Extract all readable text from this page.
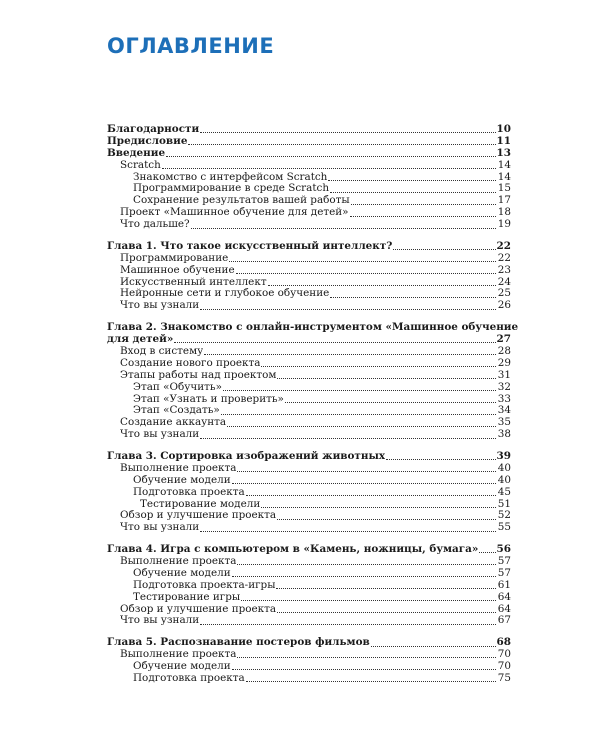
ОГЛАВЛЕНИЕ
Благодарности	10
Предисловие	11
Введение	13
Scratch	14
Знакомство с интерфейсом Scratch	14
Программирование в среде Scratch	15
Сохранение результатов вашей работы	17
Проект «Машинное обучение для детей»	18
Что дальше?	19
Глава 1. Что такое искусственный интеллект?	22
Программирование	22
Машинное обучение	23
Искусственный интеллект	24
Нейронные сети и глубокое обучение	25
Что вы узнали	26
Глава 2. Знакомство с онлайн-инструментом «Машинное обучение
для детей»	27
Вход в систему	28
Создание нового проекта	29
Этапы работы над проектом	31
Этап «Обучить»	32
Этап «Узнать и проверить»	33
Этап «Создать»	34
Создание аккаунта	35
Что вы узнали	38
Глава 3. Сортировка изображений животных	39
Выполнение проекта	40
Обучение модели	40
Подготовка проекта	45
Тестирование модели	51
Обзор и улучшение проекта	52
Что вы узнали	55
Глава 4. Игра с компьютером в «Камень, ножницы, бумага» 56
Выполнение проекта	57
Обучение модели	57
Подготовка проекта-игры	61
Тестирование игры	64
Обзор и улучшение проекта	64
Что вы узнали	67
Глава 5. Распознавание постеров фильмов	68
Выполнение проекта	70
Обучение модели	70
Подготовка проекта	75
